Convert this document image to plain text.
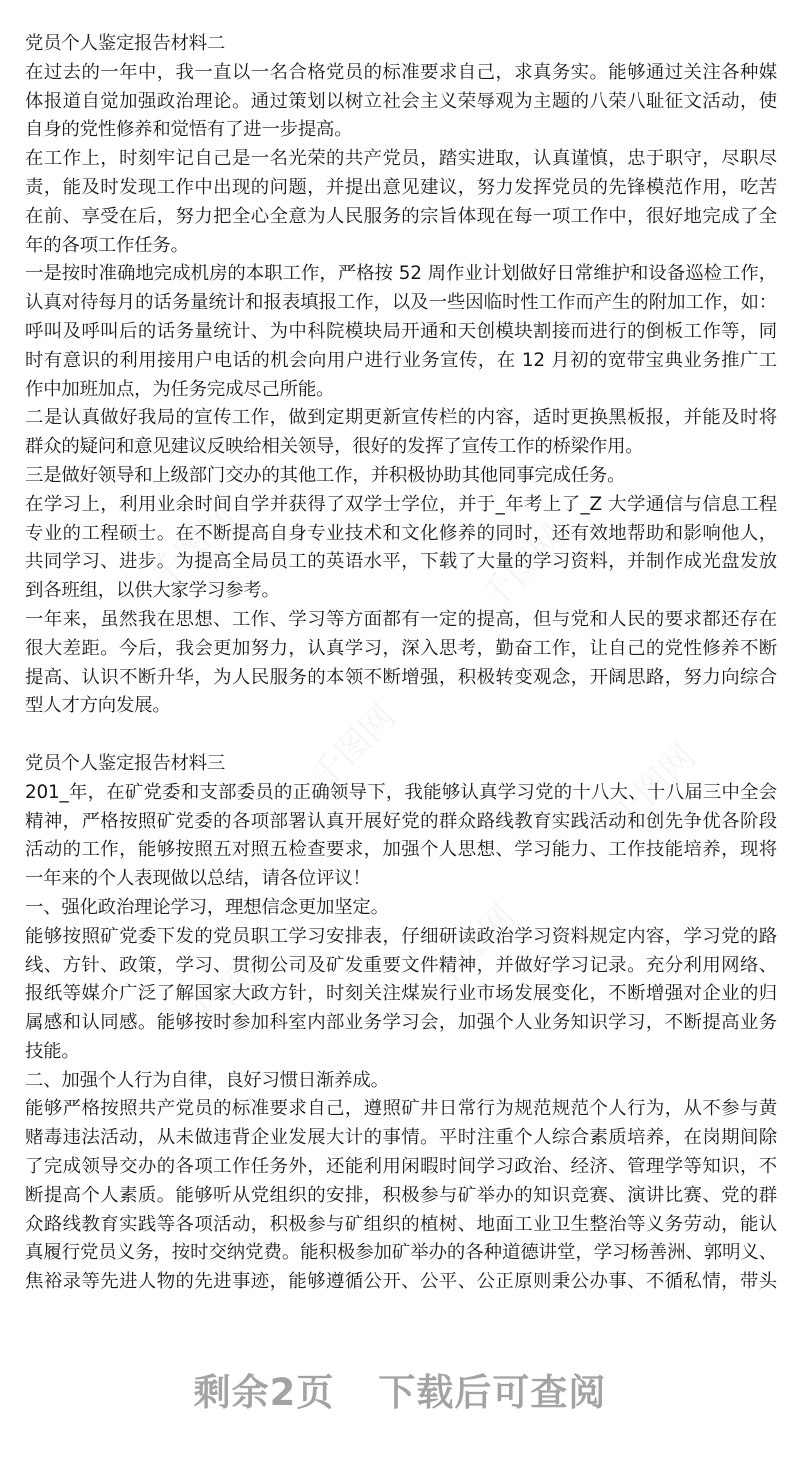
党员个人鉴定报告材料二
在过去的一年中，我一直以一名合格党员的标准要求自己，求真务实。能够通过关注各种媒
体报道自觉加强政治理论。通过策划以树立社会主义荣辱观为主题的八荣八耻征文活动，使
自身的党性修养和觉悟有了进一步提高。
在工作上，时刻牢记自己是一名光荣的共产党员，踏实进取，认真谨慎，忠于职守，尽职尽
责，能及时发现工作中出现的问题，并提出意见建议，努力发挥党员的先锋模范作用，吃苦
在前、享受在后，努力把全心全意为人民服务的宗旨体现在每一项工作中，很好地完成了全
年的各项工作任务。
一是按时准确地完成机房的本职工作，严格按 52 周作业计划做好日常维护和设备巡检工作，
认真对待每月的话务量统计和报表填报工作，以及一些因临时性工作而产生的附加工作，如：
呼叫及呼叫后的话务量统计、为中科院模块局开通和天创模块割接而进行的倒板工作等，同
时有意识的利用接用户电话的机会向用户进行业务宣传，在 12 月初的宽带宝典业务推广工
作中加班加点，为任务完成尽己所能。
二是认真做好我局的宣传工作，做到定期更新宣传栏的内容，适时更换黑板报，并能及时将
群众的疑问和意见建议反映给相关领导，很好的发挥了宣传工作的桥梁作用。
三是做好领导和上级部门交办的其他工作，并积极协助其他同事完成任务。
在学习上，利用业余时间自学并获得了双学士学位，并于_年考上了_Z 大学通信与信息工程
专业的工程硕士。在不断提高自身专业技术和文化修养的同时，还有效地帮助和影响他人，
共同学习、进步。为提高全局员工的英语水平，下载了大量的学习资料，并制作成光盘发放
到各班组，以供大家学习参考。
一年来，虽然我在思想、工作、学习等方面都有一定的提高，但与党和人民的要求都还存在
很大差距。今后，我会更加努力，认真学习，深入思考，勤奋工作，让自己的党性修养不断
提高、认识不断升华，为人民服务的本领不断增强，积极转变观念，开阔思路，努力向综合
型人才方向发展。
党员个人鉴定报告材料三
201_年，在矿党委和支部委员的正确领导下，我能够认真学习党的十八大、十八届三中全会
精神，严格按照矿党委的各项部署认真开展好党的群众路线教育实践活动和创先争优各阶段
活动的工作，能够按照五对照五检查要求，加强个人思想、学习能力、工作技能培养，现将
一年来的个人表现做以总结，请各位评议！
一、强化政治理论学习，理想信念更加坚定。
能够按照矿党委下发的党员职工学习安排表，仔细研读政治学习资料规定内容，学习党的路
线、方针、政策，学习、贯彻公司及矿发重要文件精神，并做好学习记录。充分利用网络、
报纸等媒介广泛了解国家大政方针，时刻关注煤炭行业市场发展变化，不断增强对企业的归
属感和认同感。能够按时参加科室内部业务学习会，加强个人业务知识学习，不断提高业务
技能。
二、加强个人行为自律，良好习惯日渐养成。
能够严格按照共产党员的标准要求自己，遵照矿井日常行为规范规范个人行为，从不参与黄
赌毒违法活动，从未做违背企业发展大计的事情。平时注重个人综合素质培养，在岗期间除
了完成领导交办的各项工作任务外，还能利用闲暇时间学习政治、经济、管理学等知识，不
断提高个人素质。能够听从党组织的安排，积极参与矿举办的知识竞赛、演讲比赛、党的群
众路线教育实践等各项活动，积极参与矿组织的植树、地面工业卫生整治等义务劳动，能认
真履行党员义务，按时交纳党费。能积极参加矿举办的各种道德讲堂，学习杨善洲、郭明义、
焦裕录等先进人物的先进事迹，能够遵循公开、公平、公正原则秉公办事、不循私情，带头
剩余2页 下载后可查阅
